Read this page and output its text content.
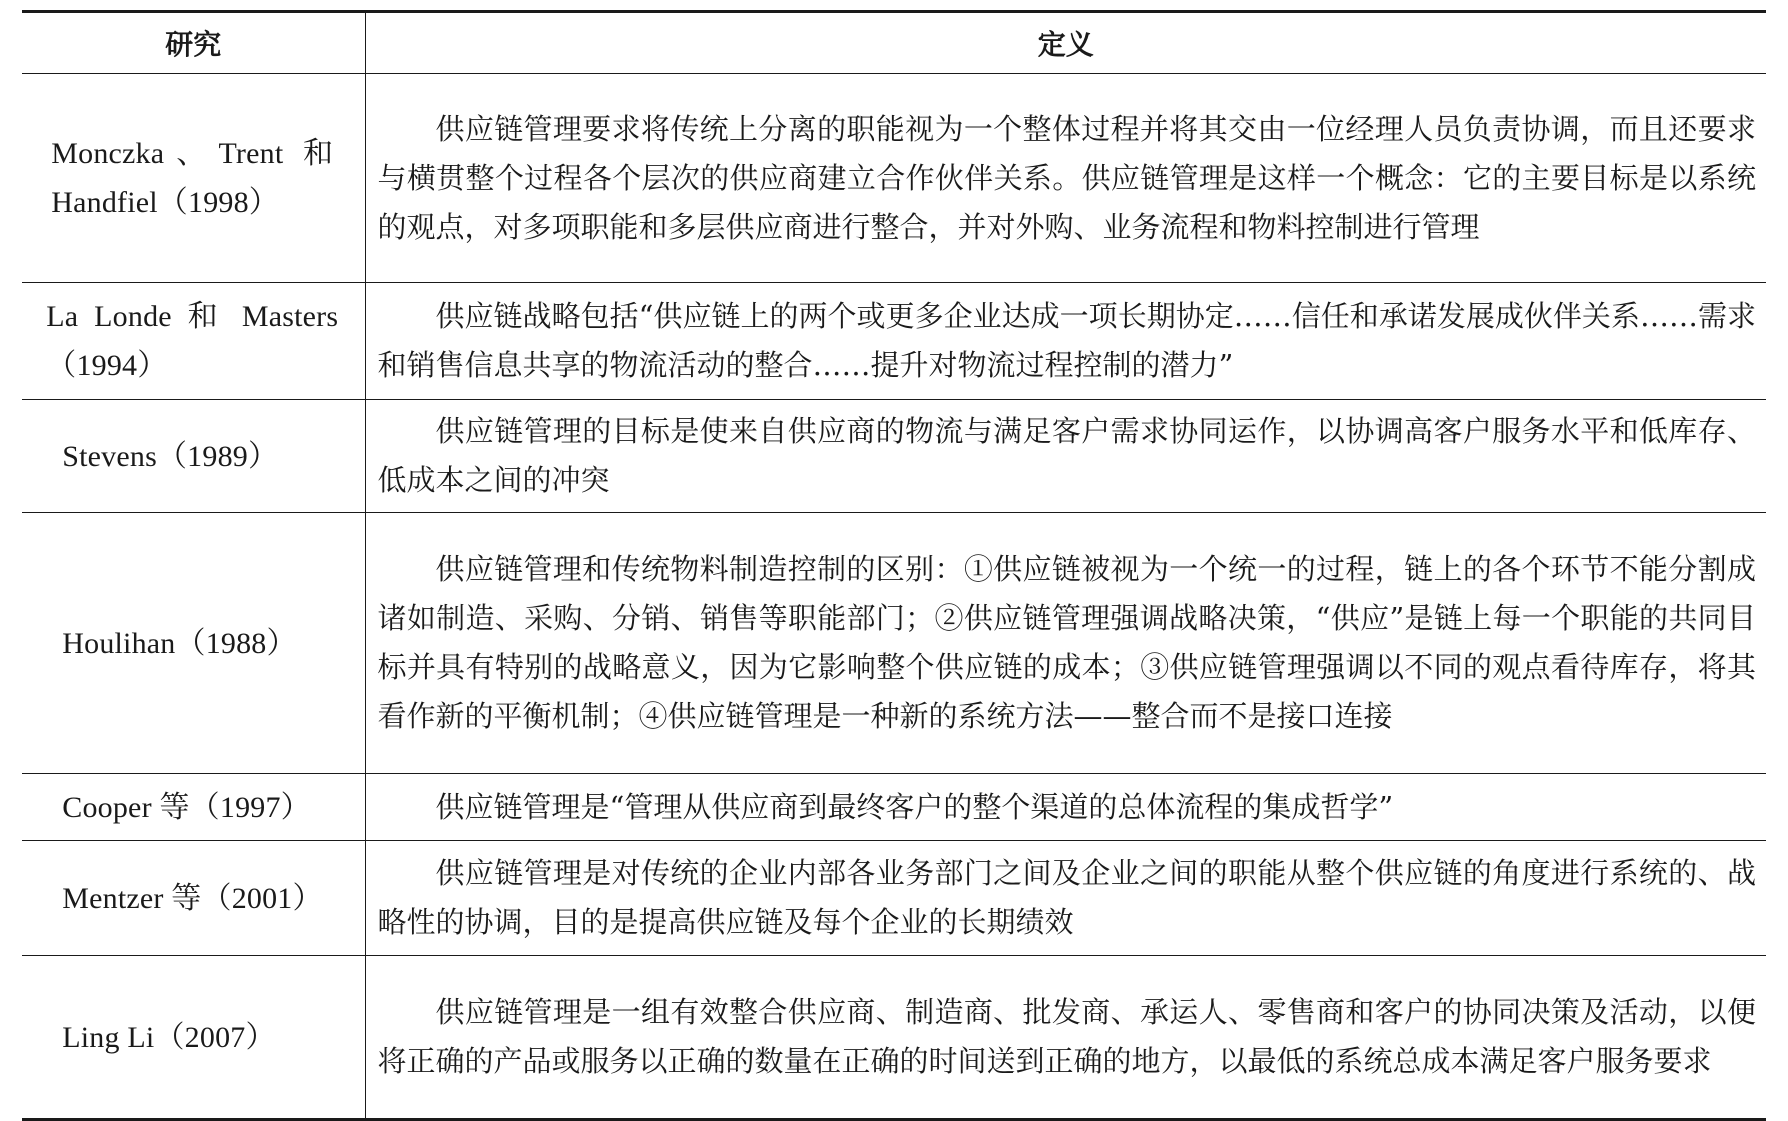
研究	定义
Monczka、Trent 和 Handfiel（1998）	供应链管理要求将传统上分离的职能视为一个整体过程并将其交由一位经理人员负责协调，而且还要求与横贯整个过程各个层次的供应商建立合作伙伴关系。供应链管理是这样一个概念：它的主要目标是以系统的观点，对多项职能和多层供应商进行整合，并对外购、业务流程和物料控制进行管理
La Londe 和 Masters（1994）	供应链战略包括“供应链上的两个或更多企业达成一项长期协定……信任和承诺发展成伙伴关系……需求和销售信息共享的物流活动的整合……提升对物流过程控制的潜力”
Stevens（1989）	供应链管理的目标是使来自供应商的物流与满足客户需求协同运作，以协调高客户服务水平和低库存、低成本之间的冲突
Houlihan（1988）	供应链管理和传统物料制造控制的区别：①供应链被视为一个统一的过程，链上的各个环节不能分割成诸如制造、采购、分销、销售等职能部门；②供应链管理强调战略决策，“供应”是链上每一个职能的共同目标并具有特别的战略意义，因为它影响整个供应链的成本；③供应链管理强调以不同的观点看待库存，将其看作新的平衡机制；④供应链管理是一种新的系统方法——整合而不是接口连接
Cooper 等（1997）	供应链管理是“管理从供应商到最终客户的整个渠道的总体流程的集成哲学”
Mentzer 等（2001）	供应链管理是对传统的企业内部各业务部门之间及企业之间的职能从整个供应链的角度进行系统的、战略性的协调，目的是提高供应链及每个企业的长期绩效
Ling Li（2007）	供应链管理是一组有效整合供应商、制造商、批发商、承运人、零售商和客户的协同决策及活动，以便将正确的产品或服务以正确的数量在正确的时间送到正确的地方，以最低的系统总成本满足客户服务要求
